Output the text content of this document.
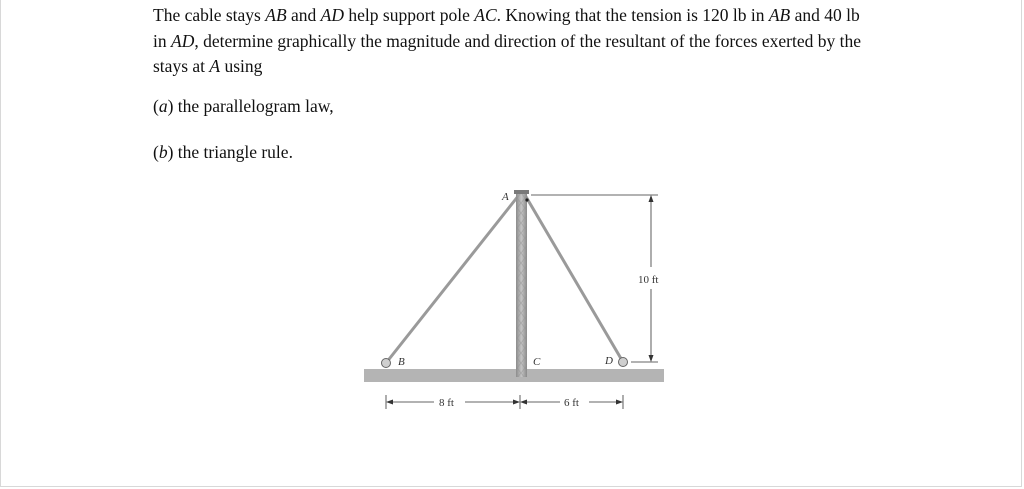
The cable stays AB and AD help support pole AC. Knowing that the tension is 120 lb in AB and 40 lb in AD, determine graphically the magnitude and direction of the resultant of the forces exerted by the stays at A using
(a) the parallelogram law,
(b) the triangle rule.
A
B	C	D
10 ft
8 ft	6 ft
